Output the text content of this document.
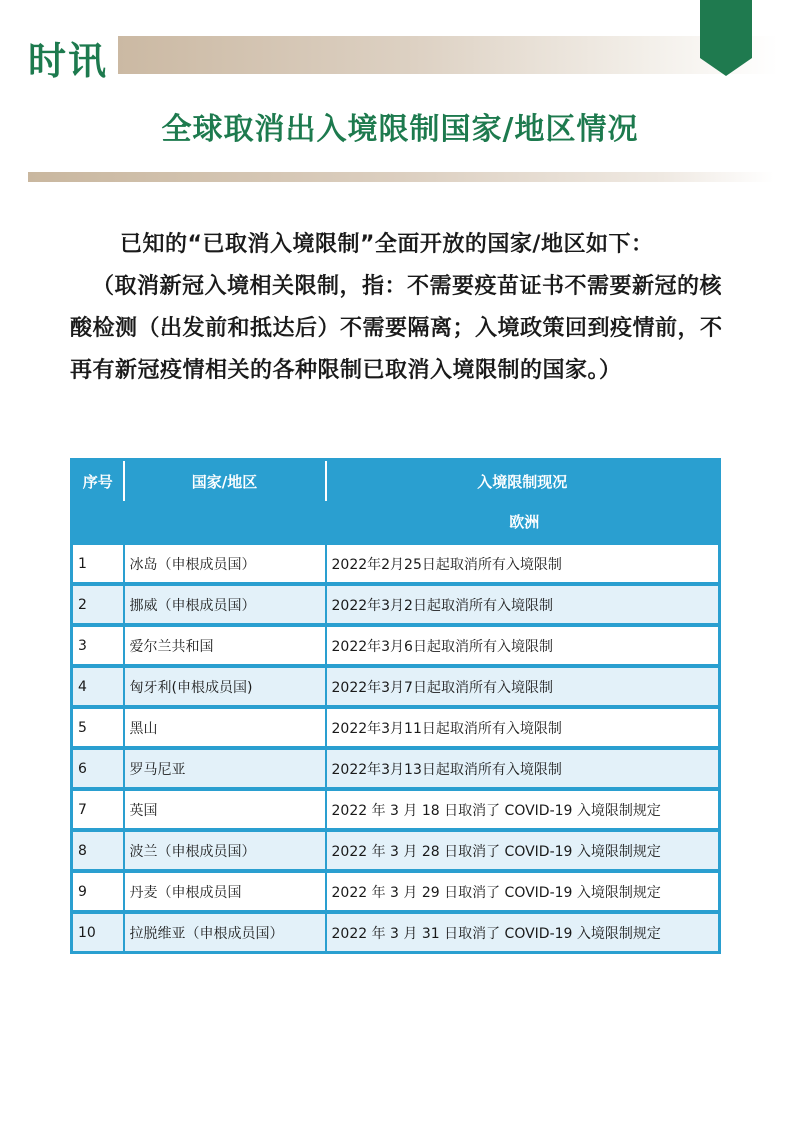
时讯
全球取消出入境限制国家/地区情况

已知的“已取消入境限制”全面开放的国家/地区如下：

（取消新冠入境相关限制，指：不需要疫苗证书不需要新冠的核酸检测（出发前和抵达后）不需要隔离；入境政策回到疫情前，不再有新冠疫情相关的各种限制已取消入境限制的国家。）

序号	国家/地区	入境限制现况
		欧洲
1	冰岛（申根成员国）	2022年2月25日起取消所有入境限制
2	挪威（申根成员国）	2022年3月2日起取消所有入境限制
3	爱尔兰共和国	2022年3月6日起取消所有入境限制
4	匈牙利(申根成员国)	2022年3月7日起取消所有入境限制
5	黑山	2022年3月11日起取消所有入境限制
6	罗马尼亚	2022年3月13日起取消所有入境限制
7	英国	2022 年 3 月 18 日取消了 COVID-19 入境限制规定
8	波兰（申根成员国）	2022 年 3 月 28 日取消了 COVID-19 入境限制规定
9	丹麦（申根成员国	2022 年 3 月 29 日取消了 COVID-19 入境限制规定
10	拉脱维亚（申根成员国）	2022 年 3 月 31 日取消了 COVID-19 入境限制规定
